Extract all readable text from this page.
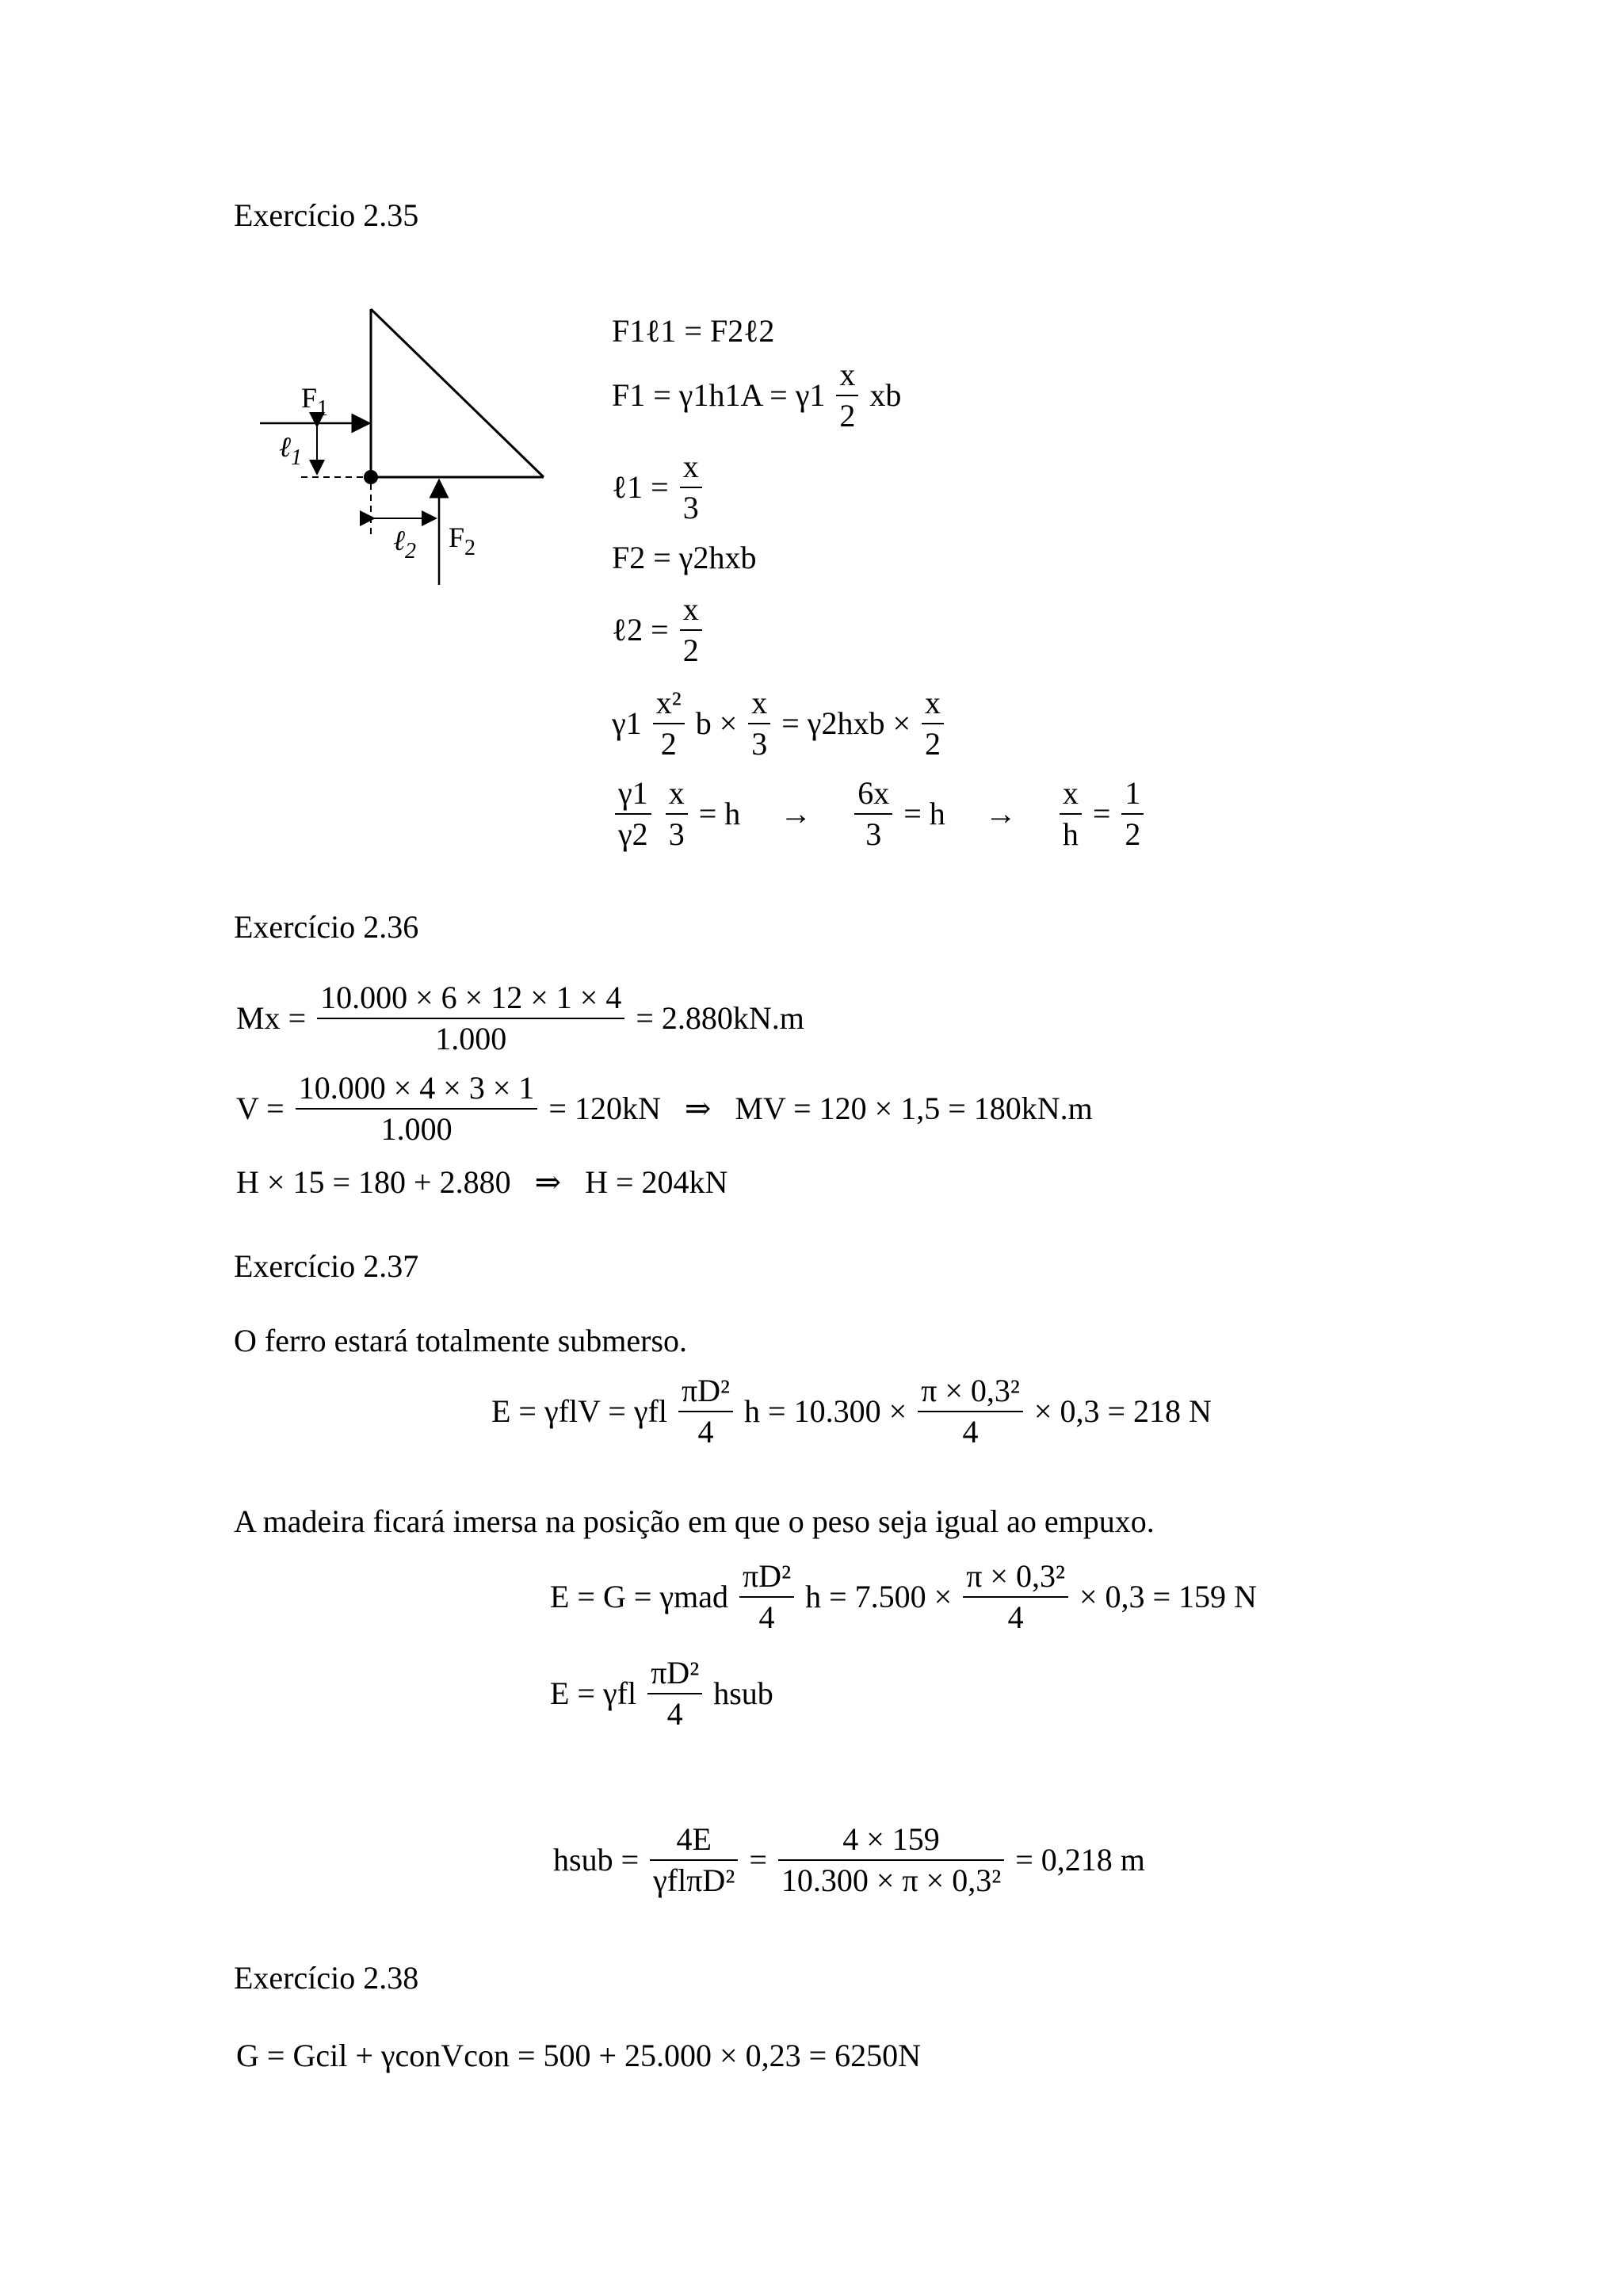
Exercício 2.35
$F_1$
ℓ$_1$
ℓ$_2$ $F_2$
F1ℓ1 = F2ℓ2
$F1 = \gamma 1h1A = \gamma 1 \frac{x}{2}$ xb
ℓ1 = $\frac{x}{3}$
F2 = γ2hxb
ℓ2 = $\frac{x}{2}$
$\gamma 1 \frac{\text{x²}}{2}$ $b \times \frac{x}{3} = \gamma 2hxb \times \frac{x}{2}$
$\frac{\gamma 1}{\gamma 2}$
$\frac{x}{3} = h \to \frac{6x}{3} = h \to \frac{x}{h} = \frac{1}{2}$
Exercício 2.36
$Mx = \frac{10.000 \times 6 \times 12 \times 1 \times 4}{1.000} = 2.880kN.m$
$V = \frac{10.000 \times 4 \times 3 \times 1}{1.000} = 120kN$   ⇒   MV = 120 × 1,5 = 180kN.m
H × 15 = 180 + 2.880   ⇒   H = 204kN
Exercício 2.37
O ferro estará totalmente submerso.
E = γflV = γfl $\frac{\text{πD²}}{4}$ $h = 10.300 \times \frac{\text{π × 0,3²}}{4} \times 0,3 = 218$ N
A madeira ficará imersa na posição em que o peso seja igual ao empuxo.
E = G = γmad $\frac{\text{πD²}}{4}$ $h = 7.500 \times \frac{\text{π × 0,3²}}{4} \times 0,3 = 159$ N
E = γfl $\frac{\text{πD²}}{4}$ hsub
hsub = $\frac{4E}{\text{γflπD²}} = \frac{4 \times 159}{\text{10.300 × π × 0,3²}} = 0,218$ m
Exercício 2.38
G = Gcil + γconVcon = 500 + 25.000 × 0,23 = 6250N
